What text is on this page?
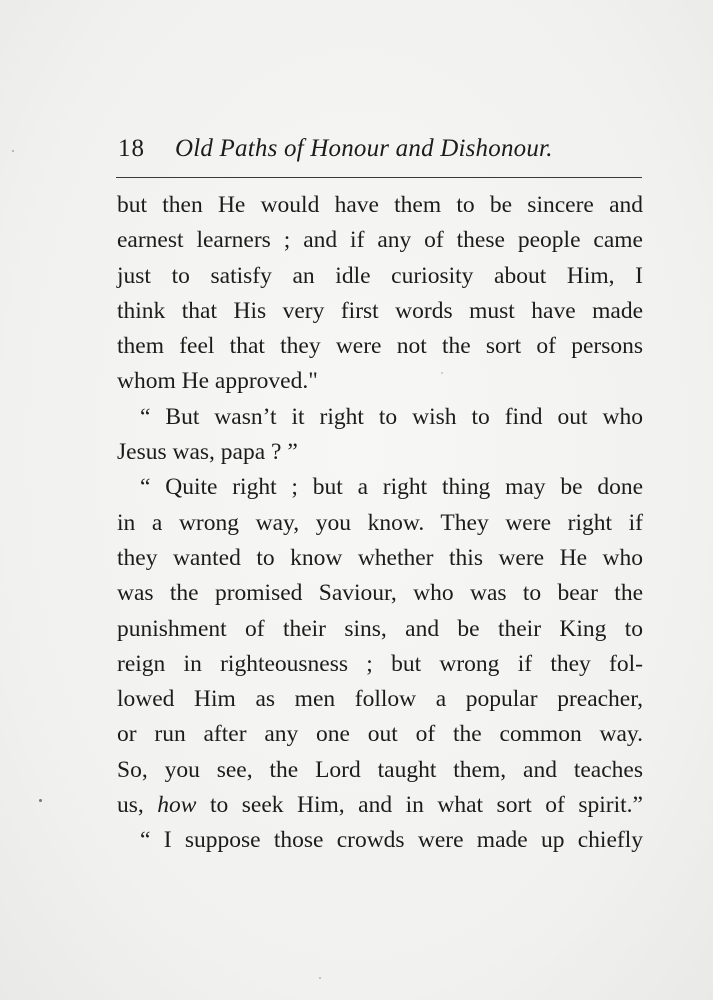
18 Old Paths of Honour and Dishonour.
but then He would have them to be sincere and
earnest learners ; and if any of these people came
just to satisfy an idle curiosity about Him, I
think that His very first words must have made
them feel that they were not the sort of persons
whom He approved."
“ But wasn’t it right to wish to find out who
Jesus was, papa ? ”
“ Quite right ; but a right thing may be done
in a wrong way, you know. They were right if
they wanted to know whether this were He who
was the promised Saviour, who was to bear the
punishment of their sins, and be their King to
reign in righteousness ; but wrong if they fol-
lowed Him as men follow a popular preacher,
or run after any one out of the common way.
So, you see, the Lord taught them, and teaches
us, how to seek Him, and in what sort of spirit.”
“ I suppose those crowds were made up chiefly
